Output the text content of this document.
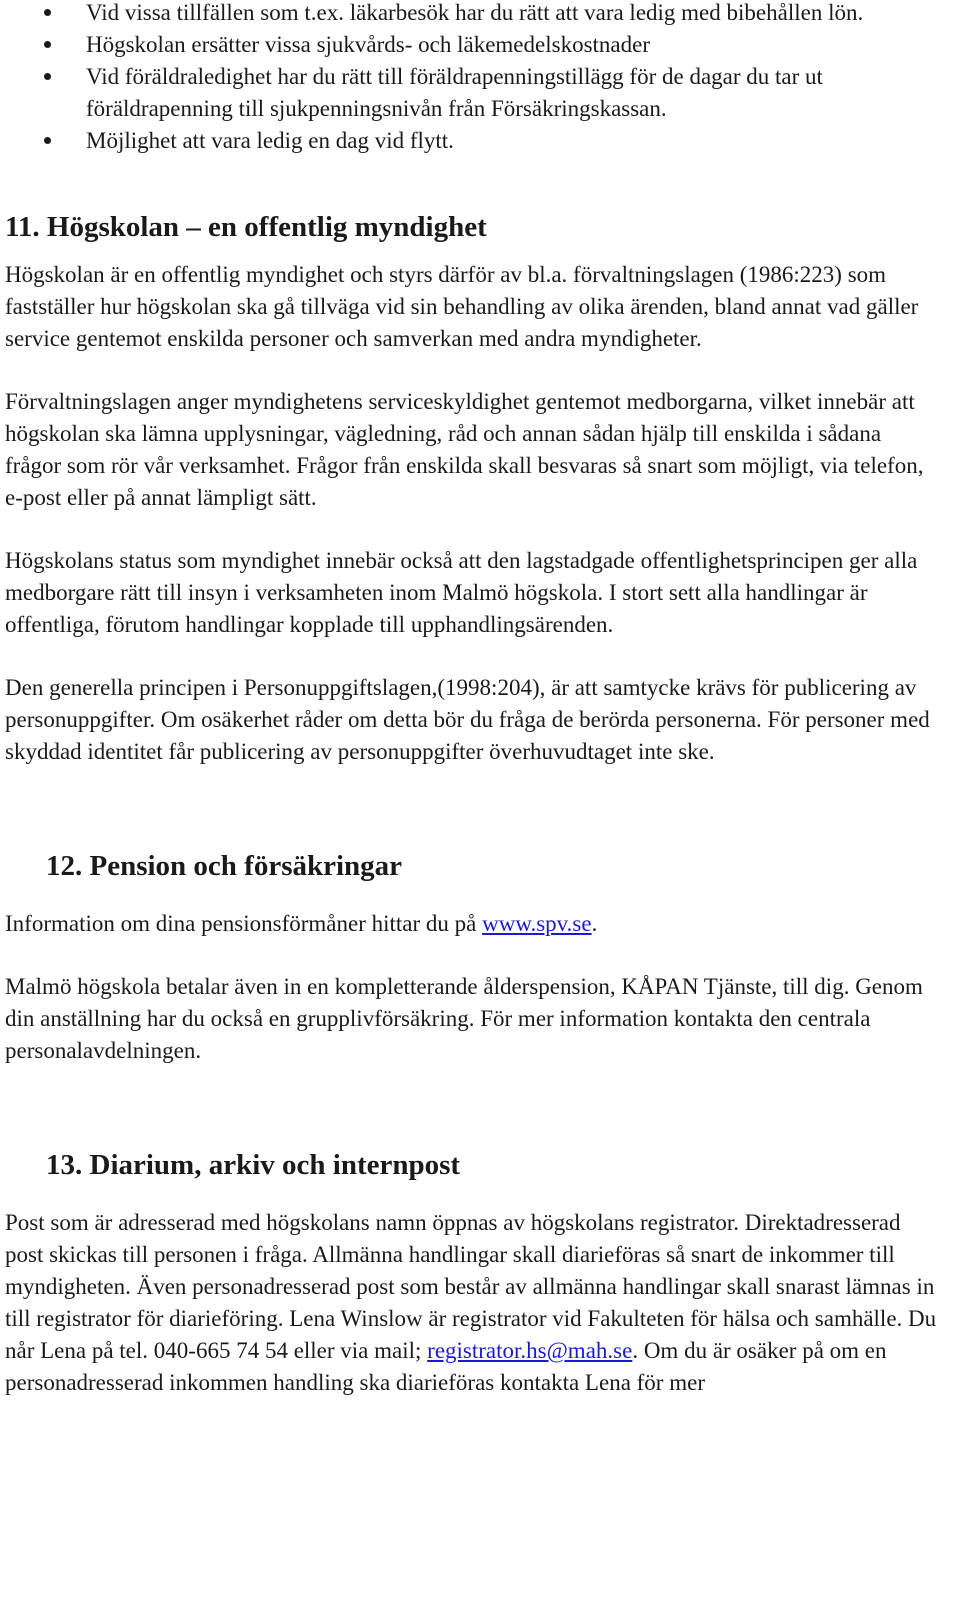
Vid vissa tillfällen som t.ex. läkarbesök har du rätt att vara ledig med bibehållen lön.
Högskolan ersätter vissa sjukvårds- och läkemedelskostnader
Vid föräldraledighet har du rätt till föräldrapenningstillägg för de dagar du tar ut föräldrapenning till sjukpenningsnivån från Försäkringskassan.
Möjlighet att vara ledig en dag vid flytt.
11. Högskolan – en offentlig myndighet

Högskolan är en offentlig myndighet och styrs därför av bl.a. förvaltningslagen (1986:223) som fastställer hur högskolan ska gå tillväga vid sin behandling av olika ärenden, bland annat vad gäller service gentemot enskilda personer och samverkan med andra myndigheter.

Förvaltningslagen anger myndighetens serviceskyldighet gentemot medborgarna, vilket innebär att högskolan ska lämna upplysningar, vägledning, råd och annan sådan hjälp till enskilda i sådana frågor som rör vår verksamhet. Frågor från enskilda skall besvaras så snart som möjligt, via telefon, e-post eller på annat lämpligt sätt.

Högskolans status som myndighet innebär också att den lagstadgade offentlighetsprincipen ger alla medborgare rätt till insyn i verksamheten inom Malmö högskola. I stort sett alla handlingar är offentliga, förutom handlingar kopplade till upphandlingsärenden.

Den generella principen i Personuppgiftslagen,(1998:204), är att samtycke krävs för publicering av personuppgifter. Om osäkerhet råder om detta bör du fråga de berörda personerna. För personer med skyddad identitet får publicering av personuppgifter överhuvudtaget inte ske.

12. Pension och försäkringar

Information om dina pensionsförmåner hittar du på www.spv.se.

Malmö högskola betalar även in en kompletterande ålderspension, KÅPAN Tjänste, till dig. Genom din anställning har du också en grupplivförsäkring. För mer information kontakta den centrala personalavdelningen.

13. Diarium, arkiv och internpost

Post som är adresserad med högskolans namn öppnas av högskolans registrator. Direktadresserad post skickas till personen i fråga. Allmänna handlingar skall diarieföras så snart de inkommer till myndigheten. Även personadresserad post som består av allmänna handlingar skall snarast lämnas in till registrator för diarieföring. Lena Winslow är registrator vid Fakulteten för hälsa och samhälle. Du når Lena på tel. 040-665 74 54 eller via mail; registrator.hs@mah.se. Om du är osäker på om en personadresserad inkommen handling ska diarieföras kontakta Lena för mer
